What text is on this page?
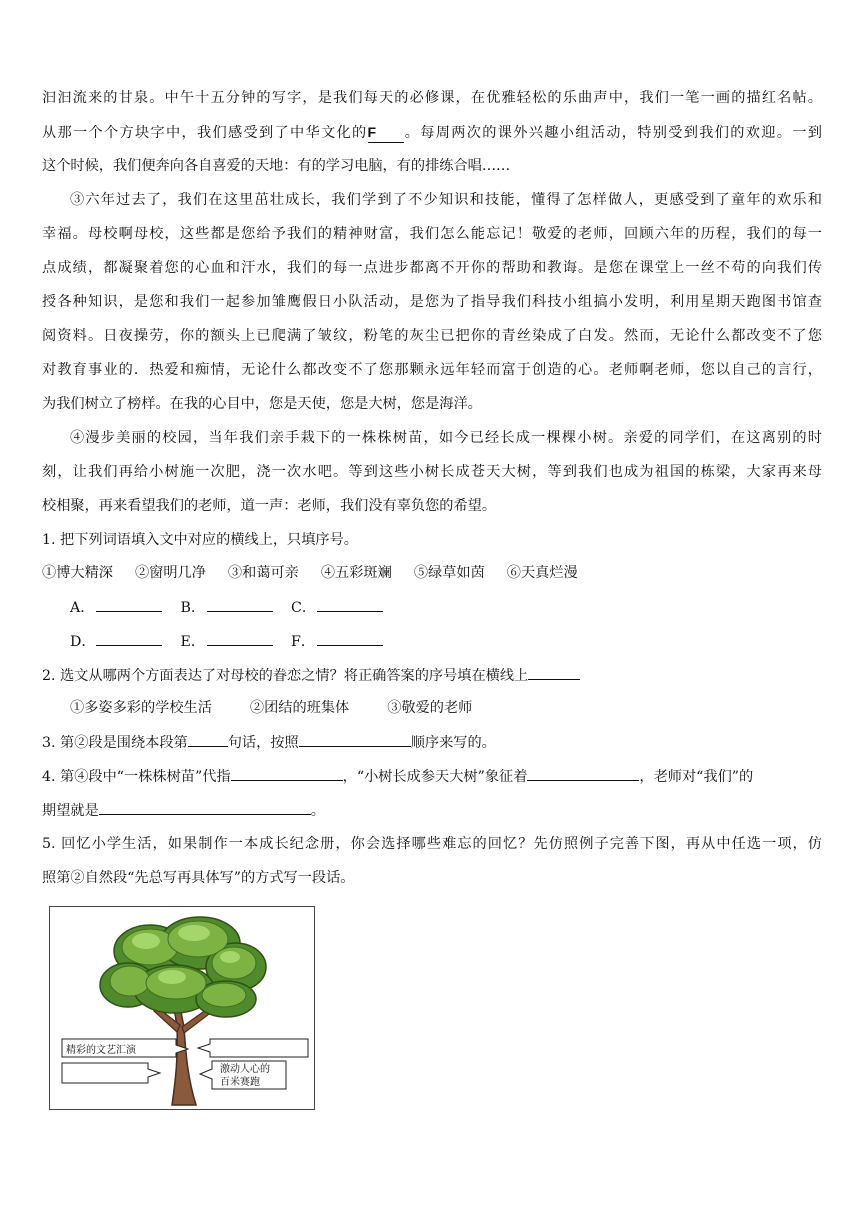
汩汩流来的甘泉。中午十五分钟的写字，是我们每天的必修课，在优雅轻松的乐曲声中，我们一笔一画的描红名帖。
从那一个个方块字中，我们感受到了中华文化的F 。每周两次的课外兴趣小组活动，特别受到我们的欢迎。一到
这个时候，我们便奔向各自喜爱的天地：有的学习电脑，有的排练合唱……
③六年过去了，我们在这里茁壮成长，我们学到了不少知识和技能，懂得了怎样做人，更感受到了童年的欢乐和
幸福。母校啊母校，这些都是您给予我们的精神财富，我们怎么能忘记！敬爱的老师，回顾六年的历程，我们的每一
点成绩，都凝聚着您的心血和汗水，我们的每一点进步都离不开你的帮助和教诲。是您在课堂上一丝不苟的向我们传
授各种知识，是您和我们一起参加雏鹰假日小队活动，是您为了指导我们科技小组搞小发明，利用星期天跑图书馆查
阅资料。日夜操劳，你的额头上已爬满了皱纹，粉笔的灰尘已把你的青丝染成了白发。然而，无论什么都改变不了您
对教育事业的．热爱和痴情，无论什么都改变不了您那颗永远年轻而富于创造的心。老师啊老师，您以自己的言行，
为我们树立了榜样。在我的心目中，您是天使，您是大树，您是海洋。
④漫步美丽的校园，当年我们亲手栽下的一株株树苗，如今已经长成一棵棵小树。亲爱的同学们，在这离别的时
刻，让我们再给小树施一次肥，浇一次水吧。等到这些小树长成苍天大树，等到我们也成为祖国的栋梁，大家再来母
校相聚，再来看望我们的老师，道一声：老师，我们没有辜负您的希望。
1. 把下列词语填入文中对应的横线上，只填序号。
①博大精深 ②窗明几净 ③和蔼可亲 ④五彩斑斓 ⑤绿草如茵 ⑥天真烂漫
A．	B．	C．
D．	E．	F．
2. 选文从哪两个方面表达了对母校的眷恋之情？将正确答案的序号填在横线上
①多姿多彩的学校生活	②团结的班集体	③敬爱的老师
3. 第②段是围绕本段第	句话，按照	顺序来写的。
4. 第④段中“一株株树苗”代指	，“小树长成参天大树”象征着	，老师对“我们”的
期望就是	。
5. 回忆小学生活，如果制作一本成长纪念册，你会选择哪些难忘的回忆？先仿照例子完善下图，再从中任选一项，仿
照第②自然段“先总写再具体写”的方式写一段话。
精彩的文艺汇演
激动人心的
百米赛跑
